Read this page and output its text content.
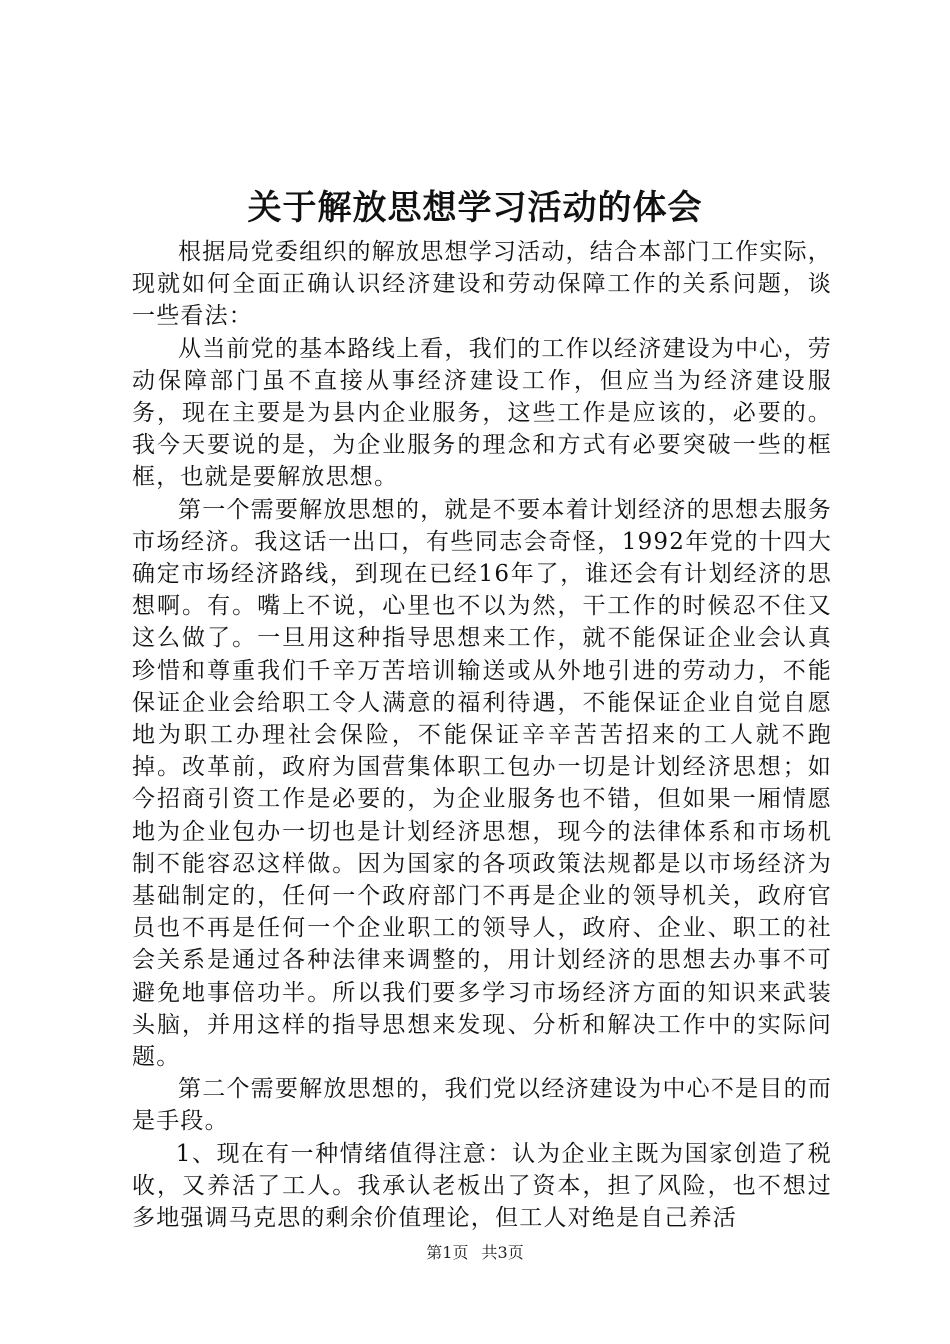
关于解放思想学习活动的体会

根据局党委组织的解放思想学习活动，结合本部门工作实际，现就如何全面正确认识经济建设和劳动保障工作的关系问题，谈一些看法：

从当前党的基本路线上看，我们的工作以经济建设为中心，劳动保障部门虽不直接从事经济建设工作，但应当为经济建设服务，现在主要是为县内企业服务，这些工作是应该的，必要的。我今天要说的是，为企业服务的理念和方式有必要突破一些的框框，也就是要解放思想。

第一个需要解放思想的，就是不要本着计划经济的思想去服务市场经济。我这话一出口，有些同志会奇怪，1992年党的十四大确定市场经济路线，到现在已经16年了，谁还会有计划经济的思想啊。有。嘴上不说，心里也不以为然，干工作的时候忍不住又这么做了。一旦用这种指导思想来工作，就不能保证企业会认真珍惜和尊重我们千辛万苦培训输送或从外地引进的劳动力，不能保证企业会给职工令人满意的福利待遇，不能保证企业自觉自愿地为职工办理社会保险，不能保证辛辛苦苦招来的工人就不跑掉。改革前，政府为国营集体职工包办一切是计划经济思想；如今招商引资工作是必要的，为企业服务也不错，但如果一厢情愿地为企业包办一切也是计划经济思想，现今的法律体系和市场机制不能容忍这样做。因为国家的各项政策法规都是以市场经济为基础制定的，任何一个政府部门不再是企业的领导机关，政府官员也不再是任何一个企业职工的领导人，政府、企业、职工的社会关系是通过各种法律来调整的，用计划经济的思想去办事不可避免地事倍功半。所以我们要多学习市场经济方面的知识来武装头脑，并用这样的指导思想来发现、分析和解决工作中的实际问题。

第二个需要解放思想的，我们党以经济建设为中心不是目的而是手段。

1、现在有一种情绪值得注意：认为企业主既为国家创造了税收，又养活了工人。我承认老板出了资本，担了风险，也不想过多地强调马克思的剩余价值理论，但工人对绝是自己养活

第1页 共3页
